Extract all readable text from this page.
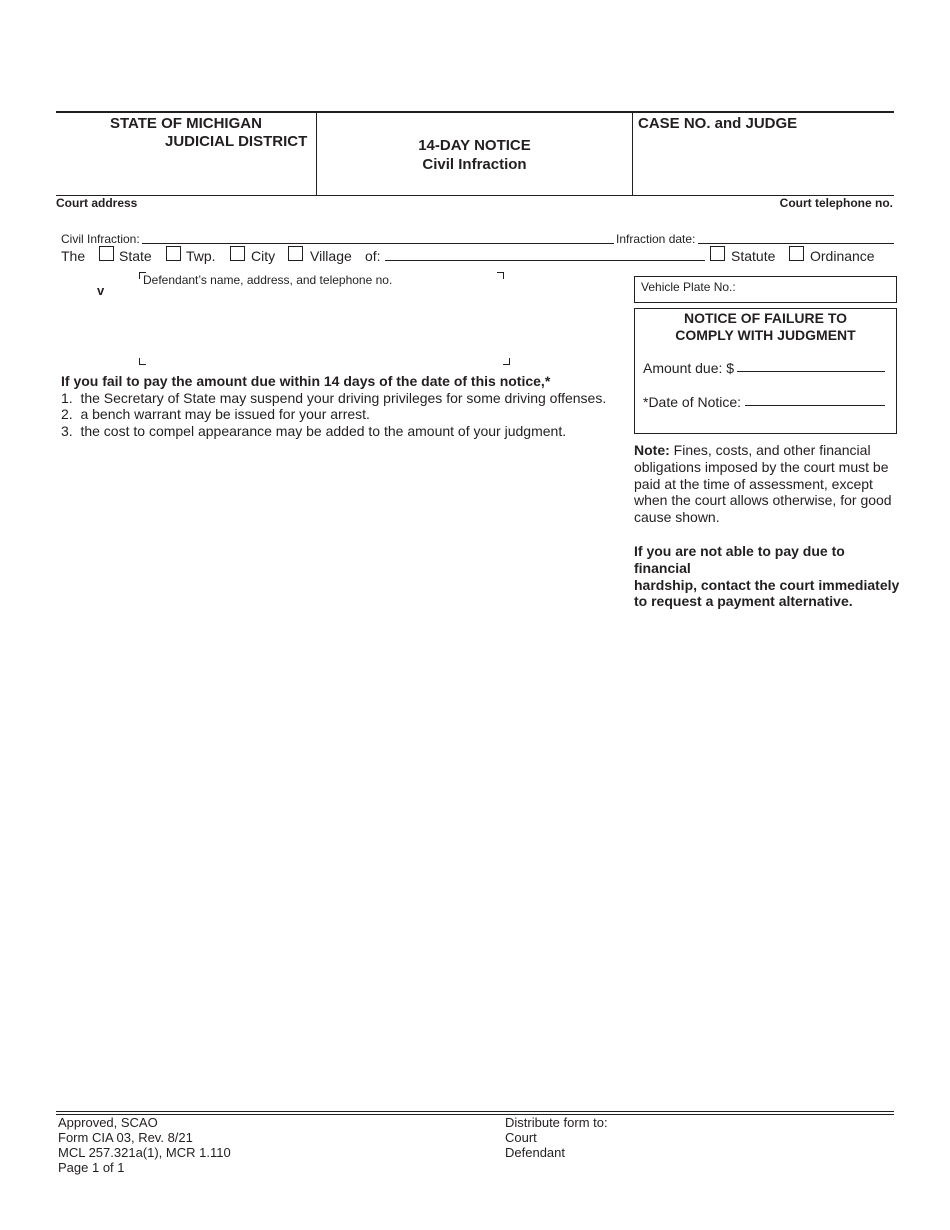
STATE OF MICHIGAN
JUDICIAL DISTRICT	14-DAY NOTICE
Civil Infraction
CASE NO. and JUDGE
Court address	Court telephone no.
Civil Infraction:	Infraction date:
The State Twp.	City Village of:	Statute Ordinance
v
Defendant’s name, address, and telephone no.	Vehicle Plate No.:
NOTICE OF FAILURE TO
COMPLY WITH JUDGMENT
Amount due: $
*Date of Notice:
If you fail to pay the amount due within 14 days of the date of this notice,*
1.  the Secretary of State may suspend your driving privileges for some driving offenses.
2.  a bench warrant may be issued for your arrest.
3.  the cost to compel appearance may be added to the amount of your judgment.
Note: Fines, costs, and other financial
obligations imposed by the court must be
paid at the time of assessment, except
when the court allows otherwise, for good
cause shown.
If you are not able to pay due to financial
hardship, contact the court immediately
to request a payment alternative.
Approved, SCAO
Form CIA 03, Rev. 8/21
MCL 257.321a(1), MCR 1.110
Page 1 of 1
Distribute form to:
Court
Defendant
